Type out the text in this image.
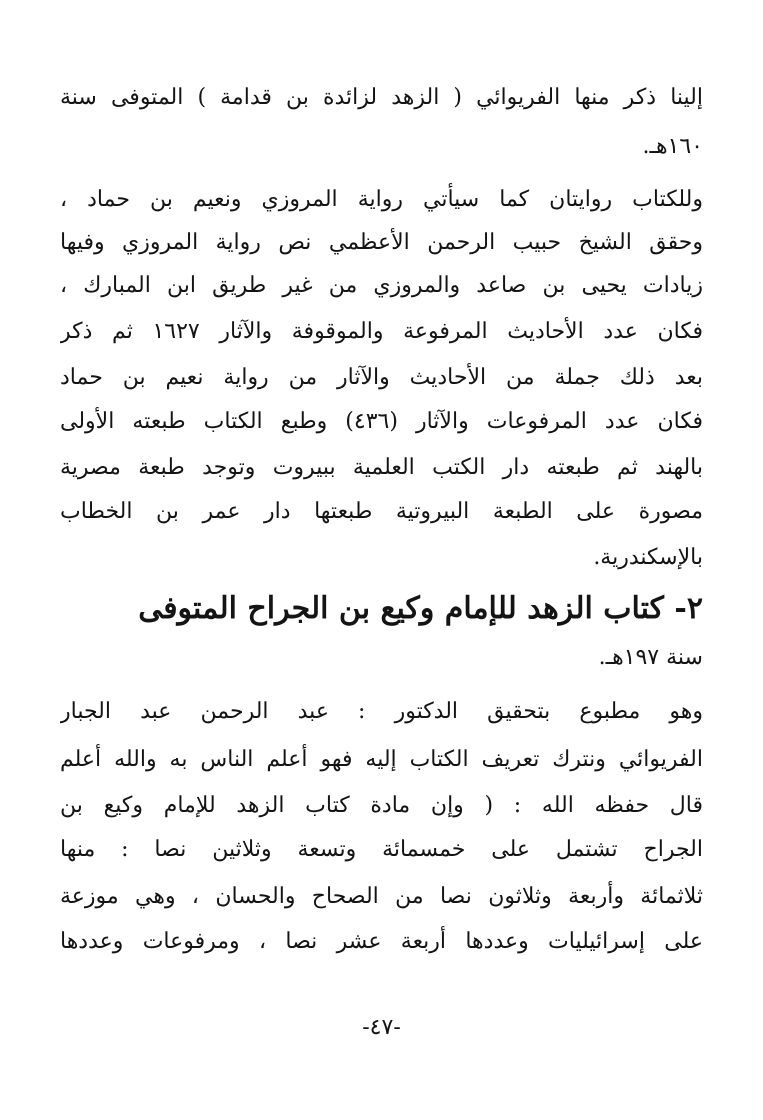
إلينا ذكر منها الفريوائي ( الزهد لزائدة بن قدامة ) المتوفى سنة
١٦٠هـ.
وللكتاب روايتان كما سيأتي رواية المروزي ونعيم بن حماد ،
وحقق الشيخ حبيب الرحمن الأعظمي نص رواية المروزي وفيها
زيادات يحيى بن صاعد والمروزي من غير طريق ابن المبارك ،
فكان عدد الأحاديث المرفوعة والموقوفة والآثار ١٦٢٧ ثم ذكر
بعد ذلك جملة من الأحاديث والآثار من رواية نعيم بن حماد
فكان عدد المرفوعات والآثار (٤٣٦) وطبع الكتاب طبعته الأولى
بالهند ثم طبعته دار الكتب العلمية ببيروت وتوجد طبعة مصرية
مصورة على الطبعة البيروتية طبعتها دار عمر بن الخطاب
بالإسكندرية.
٢- كتاب الزهد للإمام وكيع بن الجراح المتوفى
سنة ١٩٧هـ.
وهو مطبوع بتحقيق الدكتور : عبد الرحمن عبد الجبار
الفريوائي ونترك تعريف الكتاب إليه فهو أعلم الناس به والله أعلم
قال حفظه الله : ( وإن مادة كتاب الزهد للإمام وكيع بن
الجراح تشتمل على خمسمائة وتسعة وثلاثين نصا : منها
ثلاثمائة وأربعة وثلاثون نصا من الصحاح والحسان ، وهي موزعة
على إسرائيليات وعددها أربعة عشر نصا ، ومرفوعات وعددها
-٤٧-
